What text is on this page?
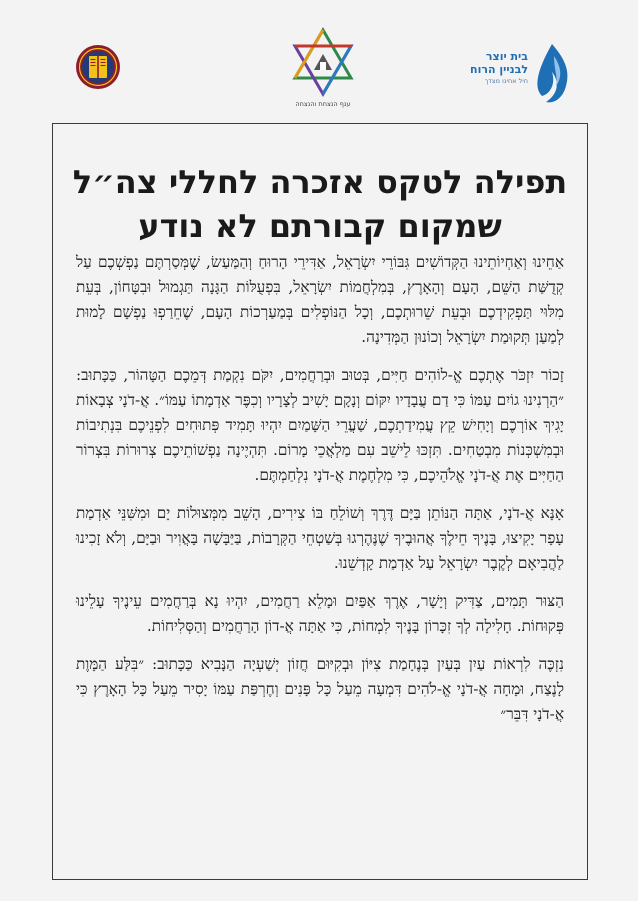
ענף הנצחת והנצחה
בית יוצר
לבניין הרוח
חיל אחינו מצדך
תפילה לטקס אזכרה לחללי צה״ל
שמקום קבורתם לא נודע

אַחֵינוּ וְאַחְיוֹתֵינוּ הַקְּדוֹשִׁים גִּבּוֹרֵי יִשְׂרָאֵל, אַדִּירֵי הָרוּחַ וְהַמַּעַשׂ, שֶׁמְּסַרְתֶּם נַפְשְׁכֶם עַל קְדֻשַּׁת הַשֵּׁם, הָעָם וְהָאָרֶץ, בְּמִלְחֲמוֹת יִשְׂרָאֵל, בִּפְעֻלּוֹת הַגָּנָה תַּגְמוּל וּבִטָּחוֹן, בְּעֵת מִלּוּי תַּפְקִידְכֶם וּבְעֵת שֵׁרוּתְכֶם, וְכָל הַנּוֹפְלִים בְּמַעַרְכוֹת הָעָם, שֶׁחֵרַפְוּ נַפְשָׁם לָמוּת לְמַעַן תְּקוּמַת יִשְׂרָאֵל וְכוֹנוּן הַמְּדִינָה.

זָכוֹר יִזְכֹּר אֶתְכֶם אֱ-לוֹהִים חַיִּים, בְּטוּב וּבְרַחֲמִים, יִקֹּם נִקְמַת דְּמֵכֶם הַטָּהוֹר, כַּכָּתוּב: ״הַרְנִינוּ גוֹיִם עַמּוֹ כִּי דַם עֲבָדָיו יִקּוֹם וְנָקָם יָשִׁיב לְצָרָיו וְכִפֶּר אַדְמָתוֹ עַמּוֹ״. אֲ-דֹנָי צְבָאוֹת יָגִיךְ אוֹרְכֶם וְיָחִישׁ קֵץ עֲמִידַתְכֶם, שַׁעֲרֵי הַשָּׁמַיִם יִהְיוּ תָּמִיד פְּתוּחִים לִפְנֵיכֶם בִּנְתִיבוֹת וּבְמִשְׁכְּנוֹת מִבְטַחִים. תִּזְכּוּ לֵישֵׁב עִם מַלְאֲכֵי מָרוֹם. תִּהְיֶינָה נַפְשׁוֹתֵיכֶם צְרוּרוֹת בִּצְרוֹר הַחַיִּים אֶת אֲ-דֹנָי אֱלֹהֵיכֶם, כִּי מִלְחֶמֶת אֲ-דֹנָי נִלְחַמְתֶּם.

אָנָּא אֲ-דֹנָי, אַתָּה הַנּוֹתֵן בַּיָּם דֶּרֶךְ וְשׁוֹלֵחַ בּוֹ צִירִים, הָשֵׁב מִמְּצוּלוֹת יָם וּמִשִּׁנֵּי אַדְמַת עָפָר יָקִיצוּ, בָּנֶיךָ חֵילֶךָ אֲהוּבֶיךָ שֶׁנֶּהֶרְגוּ בְּשַׁטְחֵי הַקְּרָבוֹת, בַּיַּבָּשָׁה בָּאֲוִיר וּבַיָּם, וְלֹא זָכִינוּ לַהֲבִיאָם לְקֶבֶר יִשְׂרָאֵל עַל אַדְמַת קָדְשֵׁנוּ.

הַצּוּר תָּמִים, צַדִּיק וְיָשָׁר, אֶרֶךְ אַפַּיִם וּמָלֵא רַחֲמִים, יִהְיוּ נָא בְּרַחֲמִים עֵינֶיךָ עָלֵינוּ פְּקוּחוֹת. חָלִילָה לְךָ זִכָּרוֹן בָּנֶיךָ לִמְחוֹת, כִּי אַתָּה אֲ-דוֹן הָרַחֲמִים וְהַסְּלִיחוֹת.

נִזְכֶּה לִרְאוֹת עַיִן בְּעַיִן בְּנֶחָמַת צִיּוֹן וּבְקִיּוּם חֲזוֹן יְשַׁעְיָה הַנָּבִיא כַּכָּתוּב: ״בִּלַּע הַמָּוֶת לָנֶצַח, וּמָחָה אֲ-דֹנָי אֱ-לֹהִים דִּמְעָה מֵעַל כָּל פָּנִים וְחֶרְפַּת עַמּוֹ יָסִיר מֵעַל כָּל הָאָרֶץ כִּי אֲ-דֹנָי דִּבֵּר״
